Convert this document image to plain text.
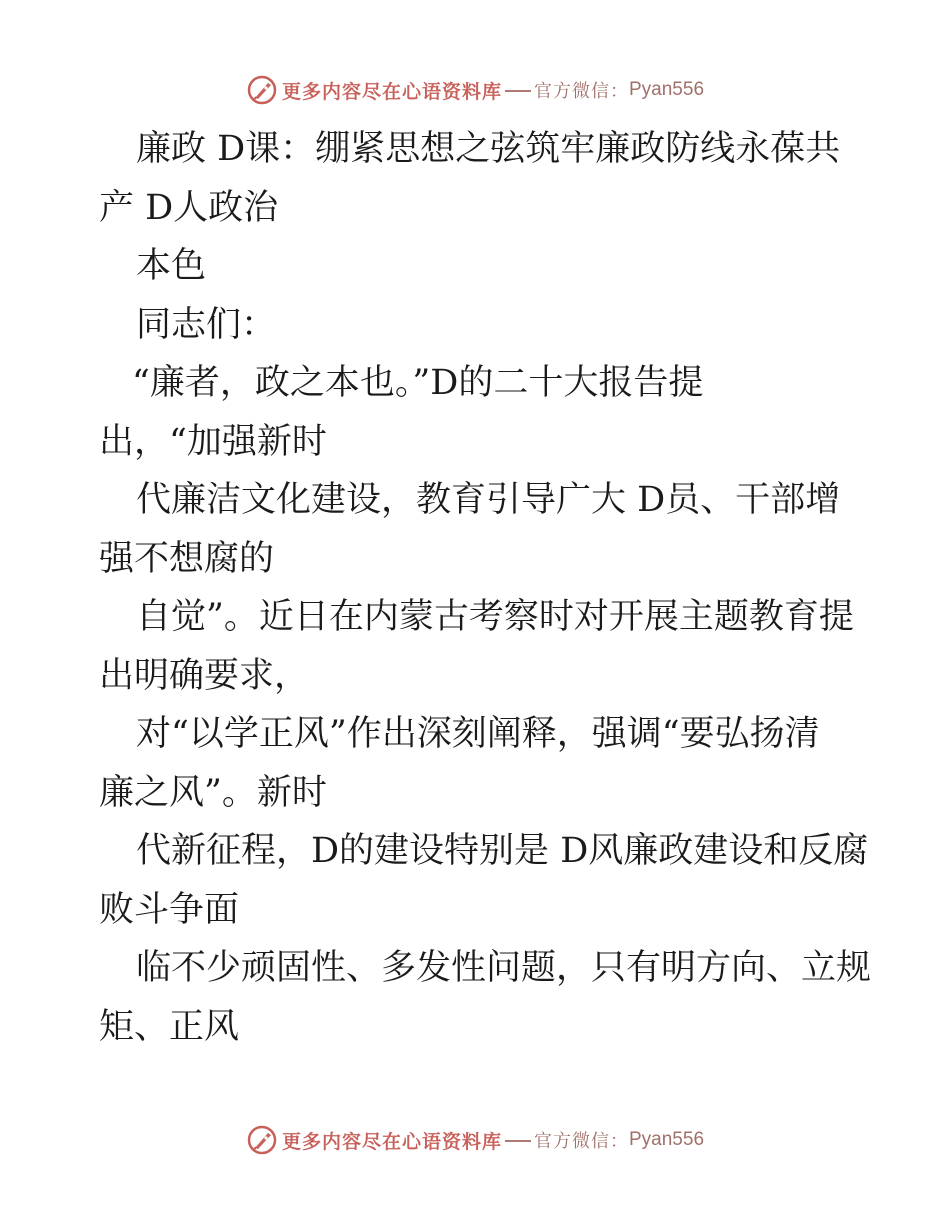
更多内容尽在心语资料库 官方微信： Pyan556
廉政 D课：绷紧思想之弦筑牢廉政防线永葆共
产 D人政治
本色
同志们：
“廉者，政之本也。”D的二十大报告提
出，“加强新时
代廉洁文化建设，教育引导广大 D员、干部增
强不想腐的
自觉”。近日在内蒙古考察时对开展主题教育提
出明确要求，
对“以学正风”作出深刻阐释，强调“要弘扬清
廉之风”。新时
代新征程，D的建设特别是 D风廉政建设和反腐
败斗争面
临不少顽固性、多发性问题，只有明方向、立规
矩、正风
更多内容尽在心语资料库 官方微信： Pyan556
